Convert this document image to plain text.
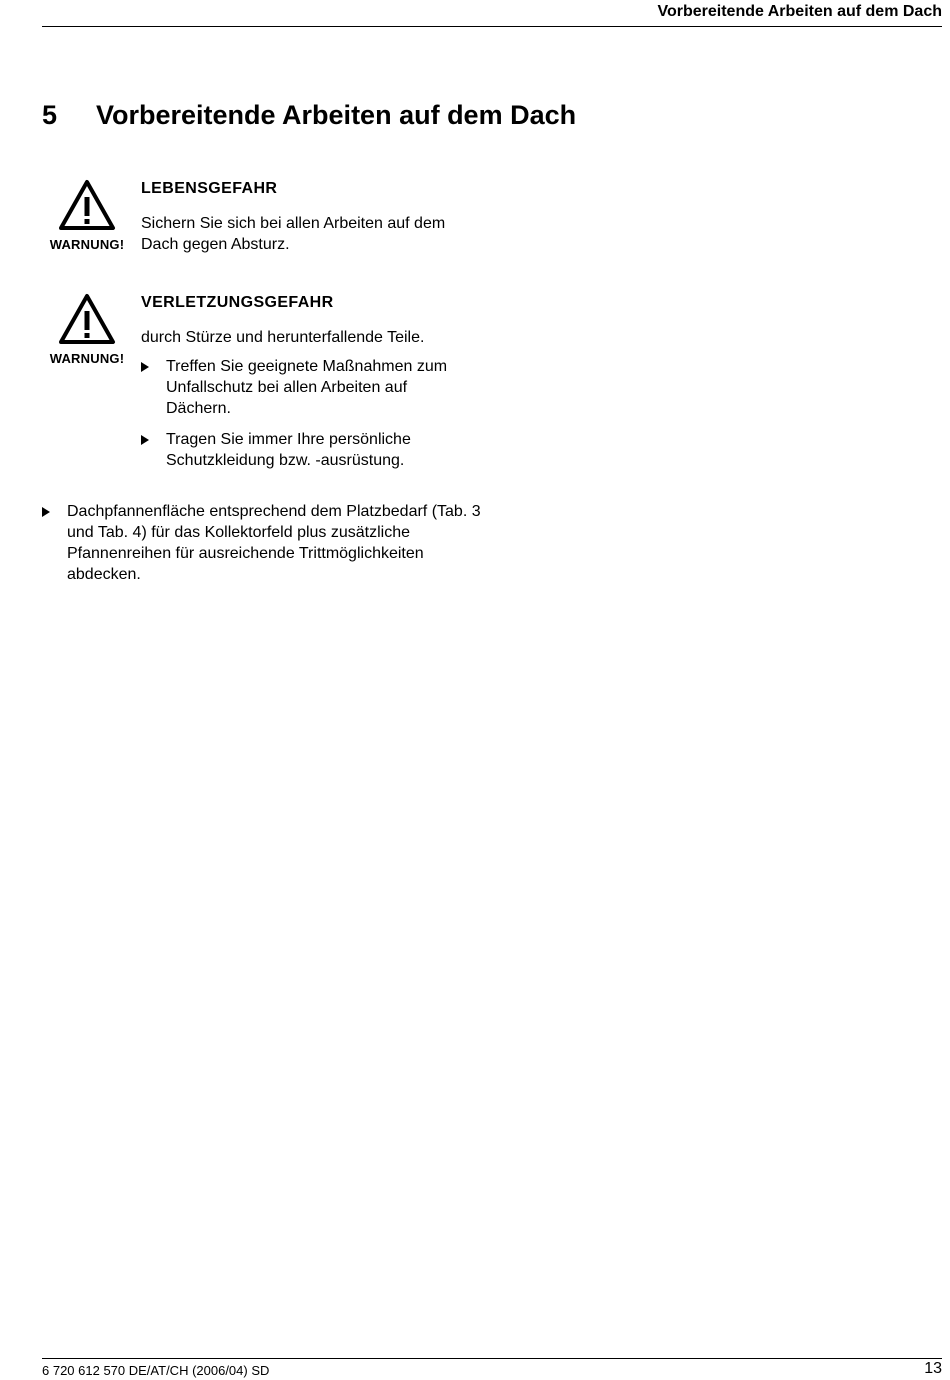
Vorbereitende Arbeiten auf dem Dach
5 Vorbereitende Arbeiten auf dem Dach
WARNUNG!

LEBENSGEFAHR

Sichern Sie sich bei allen Arbeiten auf dem Dach gegen Absturz.

WARNUNG!

VERLETZUNGSGEFAHR

durch Stürze und herunterfallende Teile.

Treffen Sie geeignete Maßnahmen zum Unfallschutz bei allen Arbeiten auf Dächern.
Tragen Sie immer Ihre persönliche Schutzkleidung bzw. -ausrüstung.
Dachpfannenfläche entsprechend dem Platzbedarf (Tab. 3 und Tab. 4) für das Kollektorfeld plus zusätzliche Pfannenreihen für ausreichende Trittmöglichkeiten abdecken.
6 720 612 570 DE/AT/CH (2006/04) SD	13
